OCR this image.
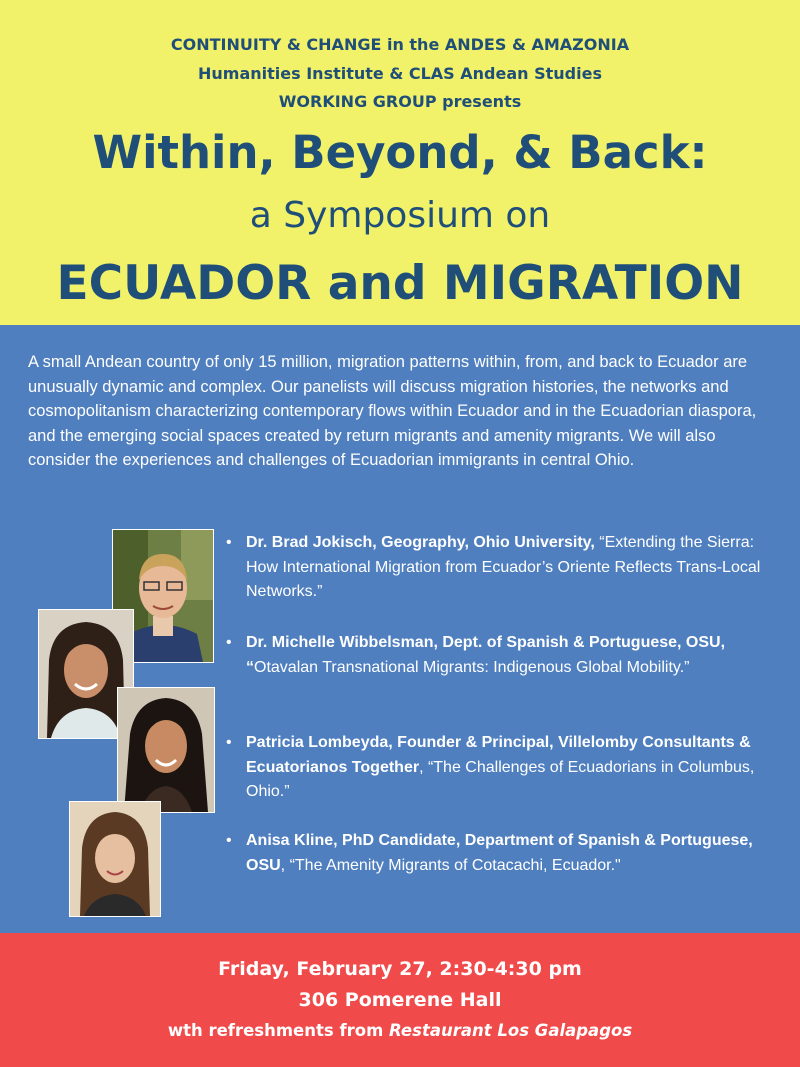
CONTINUITY & CHANGE in the ANDES & AMAZONIA
Humanities Institute & CLAS Andean Studies
WORKING GROUP presents
Within, Beyond, & Back:
a Symposium on
ECUADOR and MIGRATION
A small Andean country of only 15 million, migration patterns within, from, and back to Ecuador are unusually dynamic and complex. Our panelists will discuss migration histories, the networks and cosmopolitanism characterizing contemporary flows within Ecuador and in the Ecuadorian diaspora, and the emerging social spaces created by return migrants and amenity migrants. We will also consider the experiences and challenges of Ecuadorian immigrants in central Ohio.
• Dr. Brad Jokisch, Geography, Ohio University, “Extending the Sierra: How International Migration from Ecuador’s Oriente Reflects Trans-Local Networks.”
• Dr. Michelle Wibbelsman, Dept. of Spanish & Portuguese, OSU, “Otavalan Transnational Migrants: Indigenous Global Mobility.”
• Patricia Lombeyda, Founder & Principal, Villelomby Consultants & Ecuatorianos Together, “The Challenges of Ecuadorians in Columbus, Ohio.”
• Anisa Kline, PhD Candidate, Department of Spanish & Portuguese, OSU, “The Amenity Migrants of Cotacachi, Ecuador."
Friday, February 27, 2:30-4:30 pm
306 Pomerene Hall
wth refreshments from Restaurant Los Galapagos
